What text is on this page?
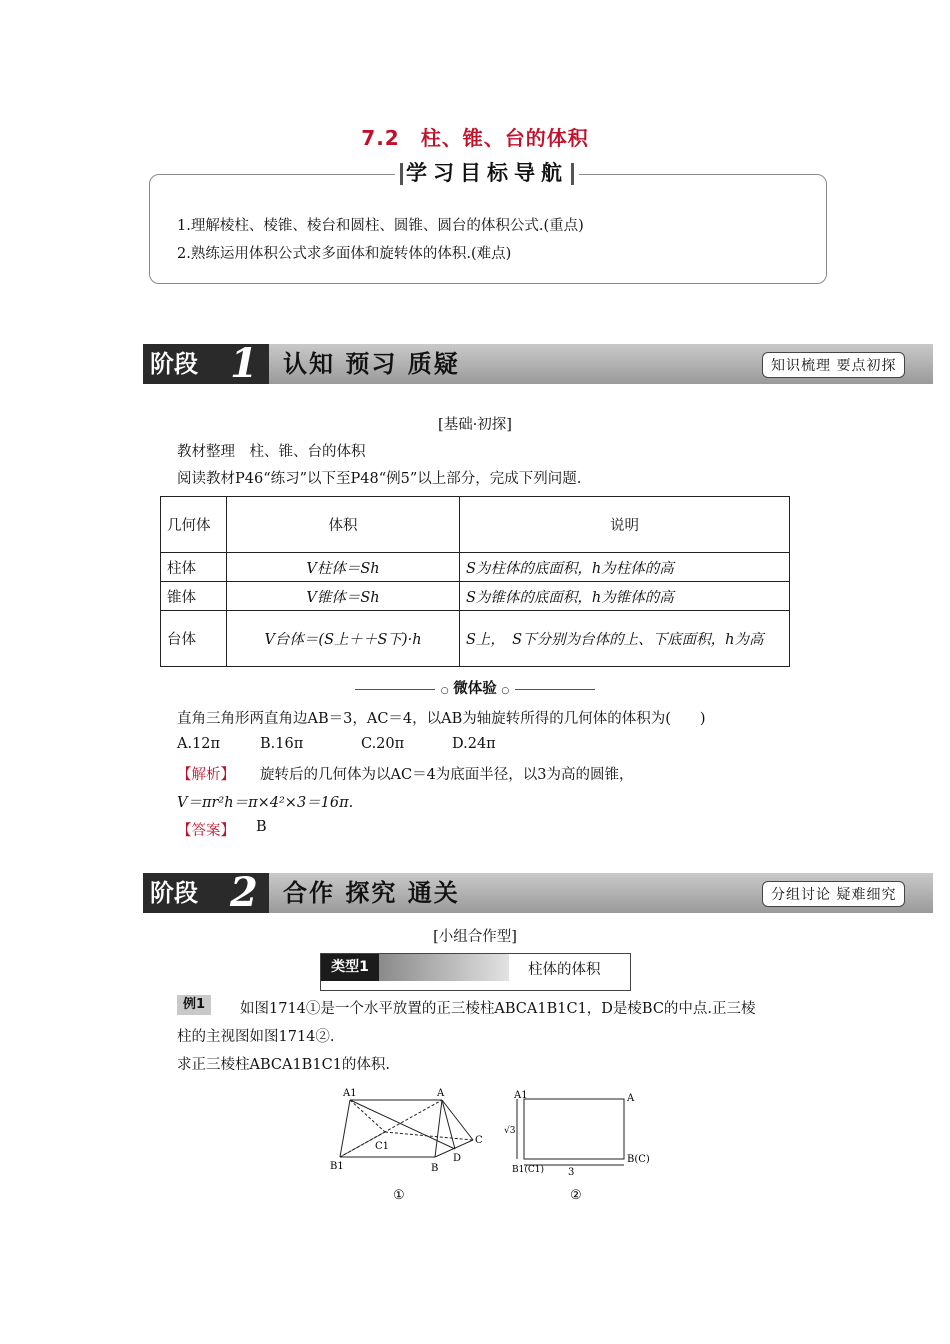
7.2　柱、锥、台的体积
学习目标导航
1.理解棱柱、棱锥、棱台和圆柱、圆锥、圆台的体积公式.(重点)
2.熟练运用体积公式求多面体和旋转体的体积.(难点)
阶段 1 认知 预习 质疑	知识梳理 要点初探
[基础·初探]
教材整理　柱、锥、台的体积
阅读教材P46“练习”以下至P48“例5”以上部分，完成下列问题.
几何体	体积	说明
柱体	V柱体＝Sh	S为柱体的底面积，h为柱体的高
锥体	V锥体＝Sh	S为锥体的底面积，h为锥体的高
台体	V台体＝(S上＋＋S下)·h	S上，　S下分别为台体的上、下底面积，h为高
○ 微体验 ○
直角三角形两直角边AB＝3，AC＝4，以AB为轴旋转所得的几何体的体积为(　　)
A.12π	B.16π	C.20π	D.24π
【解析】 旋转后的几何体为以AC＝4为底面半径，以3为高的圆锥，
V＝πr²h＝π×4²×3＝16π.
【答案】 B
阶段 2 合作 探究 通关	分组讨论 疑难细究
[小组合作型]
类型1	柱体的体积
例1	如图1714①是一个水平放置的正三棱柱ABCA1B1C1，D是棱BC的中点.正三棱
柱的主视图如图1714②.
求正三棱柱ABCA1B1C1的体积.
A1	A
C1
C
B1	B
D
①
A1	A
B1(C1)
B(C)
3
√3
②
